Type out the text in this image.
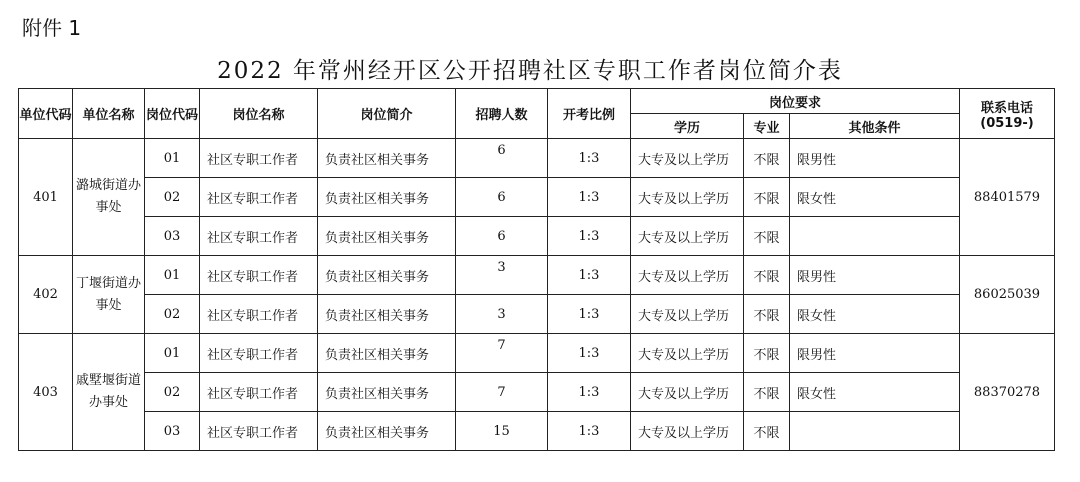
附件 1
2022 年常州经开区公开招聘社区专职工作者岗位简介表
单位代码	单位名称	岗位代码	岗位名称	岗位简介	招聘人数	开考比例	岗位要求			联系电话
(0519-)
							学历	专业	其他条件	
401	潞城街道办事处	01	社区专职工作者	负责社区相关事务	6	1:3	大专及以上学历	不限	限男性	88401579
		02	社区专职工作者	负责社区相关事务	6	1:3	大专及以上学历	不限	限女性	
		03	社区专职工作者	负责社区相关事务	6	1:3	大专及以上学历	不限		
402	丁堰街道办事处	01	社区专职工作者	负责社区相关事务	3	1:3	大专及以上学历	不限	限男性	86025039
		02	社区专职工作者	负责社区相关事务	3	1:3	大专及以上学历	不限	限女性	
403	戚墅堰街道办事处	01	社区专职工作者	负责社区相关事务	7	1:3	大专及以上学历	不限	限男性	88370278
		02	社区专职工作者	负责社区相关事务	7	1:3	大专及以上学历	不限	限女性	
		03	社区专职工作者	负责社区相关事务	15	1:3	大专及以上学历	不限		
